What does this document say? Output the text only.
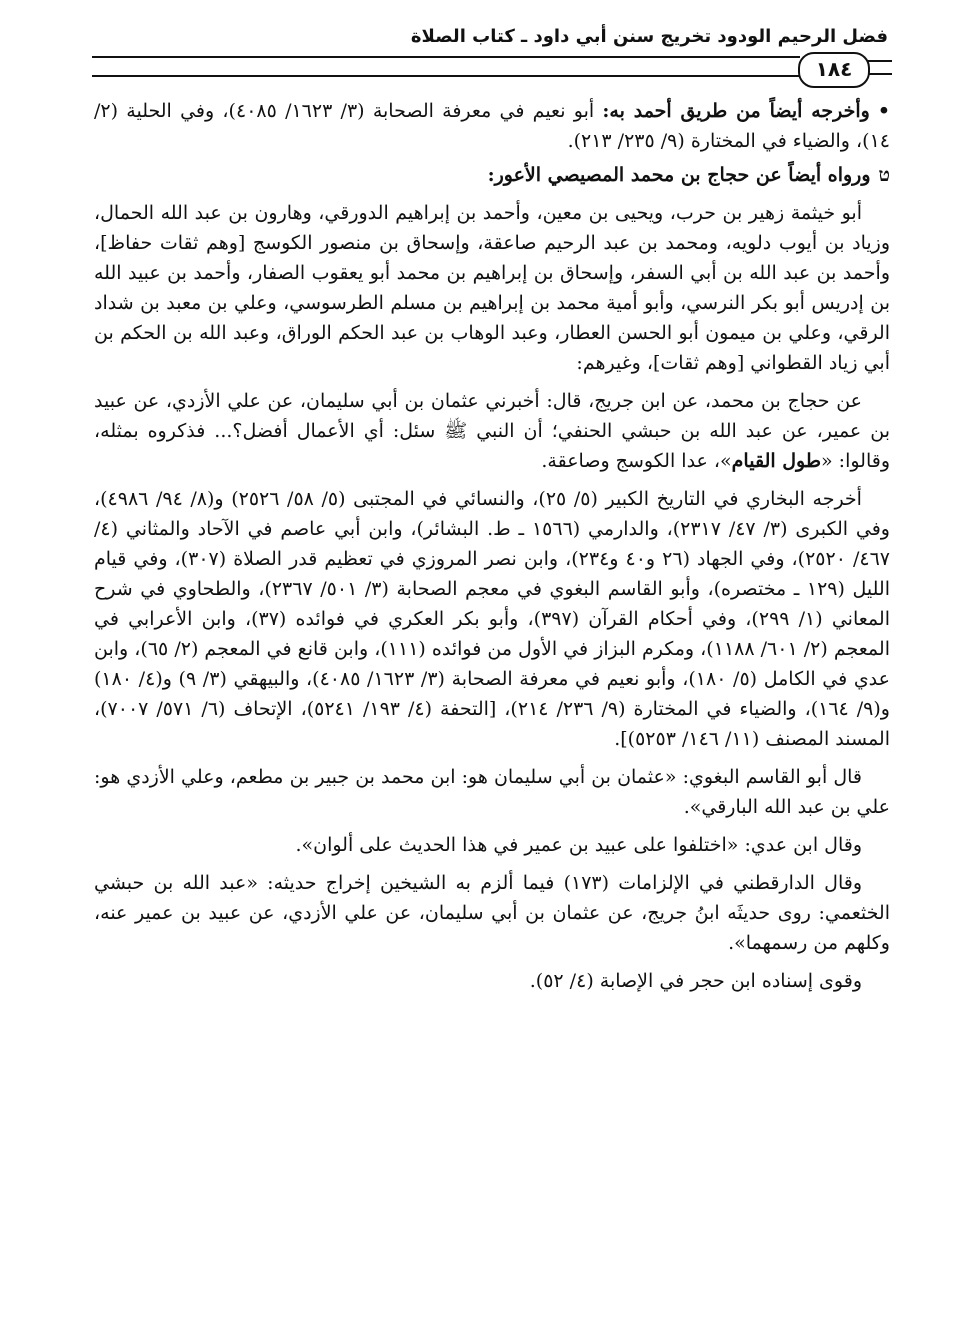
فضل الرحيم الودود تخريج سنن أبي داود ـ كتاب الصلاة
١٨٤

•وأخرجه أيضاً من طريق أحمد به: أبو نعيم في معرفة الصحابة (٣/ ١٦٢٣/ ٤٠٨٥)، وفي الحلية (٢/ ١٤)، والضياء في المختارة (٩/ ٢٣٥/ ٢١٣).

טورواه أيضاً عن حجاج بن محمد المصيصي الأعور:

أبو خيثمة زهير بن حرب، ويحيى بن معين، وأحمد بن إبراهيم الدورقي، وهارون بن عبد الله الحمال، وزياد بن أيوب دلويه، ومحمد بن عبد الرحيم صاعقة، وإسحاق بن منصور الكوسج [وهم ثقات حفاظ]، وأحمد بن عبد الله بن أبي السفر، وإسحاق بن إبراهيم بن محمد أبو يعقوب الصفار، وأحمد بن عبيد الله بن إدريس أبو بكر النرسي، وأبو أمية محمد بن إبراهيم بن مسلم الطرسوسي، وعلي بن معبد بن شداد الرقي، وعلي بن ميمون أبو الحسن العطار، وعبد الوهاب بن عبد الحكم الوراق، وعبد الله بن الحكم بن أبي زياد القطواني [وهم ثقات]، وغيرهم:

عن حجاج بن محمد، عن ابن جريج، قال: أخبرني عثمان بن أبي سليمان، عن علي الأزدي، عن عبيد بن عمير، عن عبد الله بن حبشي الحنفي؛ أن النبي ﷺ سئل: أي الأعمال أفضل؟... فذكروه بمثله، وقالوا: «طول القيام»، عدا الكوسج وصاعقة.

أخرجه البخاري في التاريخ الكبير (٥/ ٢٥)، والنسائي في المجتبى (٥/ ٥٨/ ٢٥٢٦) و(٨/ ٩٤/ ٤٩٨٦)، وفي الكبرى (٣/ ٤٧/ ٢٣١٧)، والدارمي (١٥٦٦ ـ ط. البشائر)، وابن أبي عاصم في الآحاد والمثاني (٤/ ٤٦٧/ ٢٥٢٠)، وفي الجهاد (٢٦ و٤٠ و٢٣٤)، وابن نصر المروزي في تعظيم قدر الصلاة (٣٠٧)، وفي قيام الليل (١٢٩ ـ مختصره)، وأبو القاسم البغوي في معجم الصحابة (٣/ ٥٠١/ ٢٣٦٧)، والطحاوي في شرح المعاني (١/ ٢٩٩)، وفي أحكام القرآن (٣٩٧)، وأبو بكر العكري في فوائده (٣٧)، وابن الأعرابي في المعجم (٢/ ٦٠١/ ١١٨٨)، ومكرم البزاز في الأول من فوائده (١١١)، وابن قانع في المعجم (٢/ ٦٥)، وابن عدي في الكامل (٥/ ١٨٠)، وأبو نعيم في معرفة الصحابة (٣/ ١٦٢٣/ ٤٠٨٥)، والبيهقي (٣/ ٩) و(٤/ ١٨٠) و(٩/ ١٦٤)، والضياء في المختارة (٩/ ٢٣٦/ ٢١٤)، [التحفة (٤/ ١٩٣/ ٥٢٤١)، الإتحاف (٦/ ٥٧١/ ٧٠٠٧)، المسند المصنف (١١/ ١٤٦/ ٥٢٥٣)].

قال أبو القاسم البغوي: «عثمان بن أبي سليمان هو: ابن محمد بن جبير بن مطعم، وعلي الأزدي هو: علي بن عبد الله البارقي».

وقال ابن عدي: «اختلفوا على عبيد بن عمير في هذا الحديث على ألوان».

وقال الدارقطني في الإلزامات (١٧٣) فيما ألزم به الشيخين إخراج حديثه: «عبد الله بن حبشي الخثعمي: روى حديثَه ابنُ جريج، عن عثمان بن أبي سليمان، عن علي الأزدي، عن عبيد بن عمير عنه، وكلهم من رسمهما».

وقوى إسناده ابن حجر في الإصابة (٤/ ٥٢).
